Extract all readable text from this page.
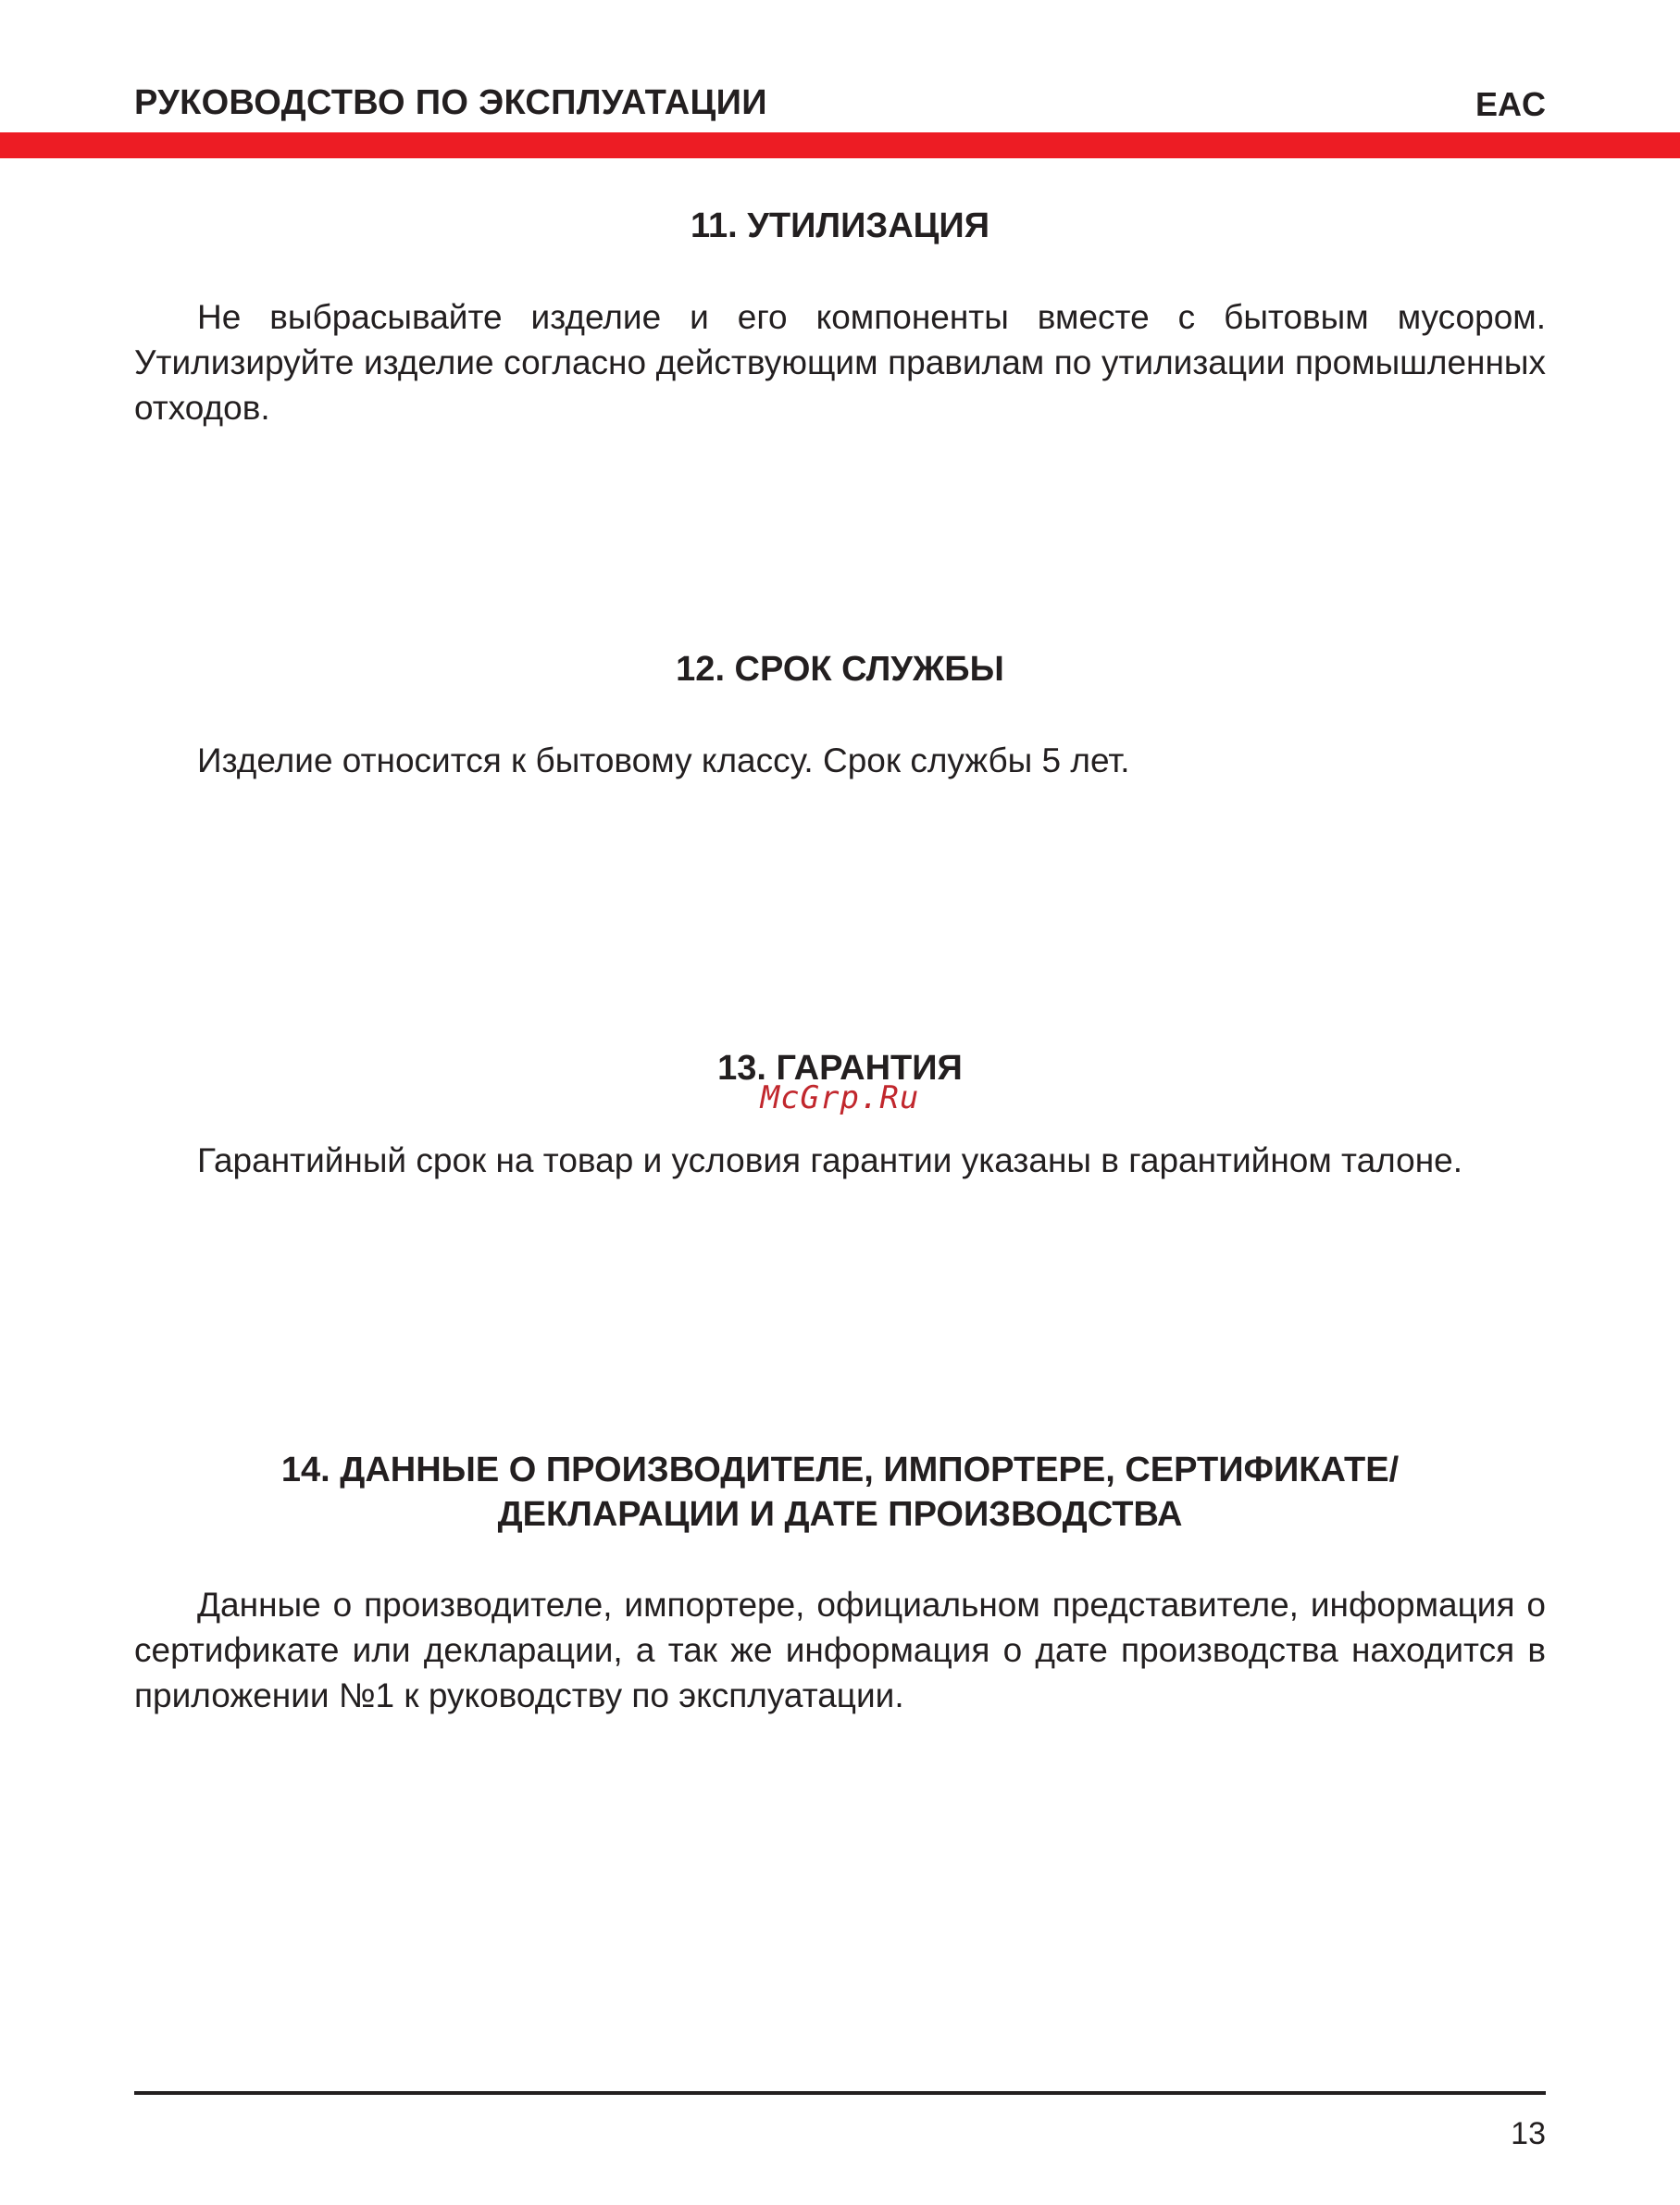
РУКОВОДСТВО ПО ЭКСПЛУАТАЦИИ	EAC
11. УТИЛИЗАЦИЯ
Не выбрасывайте изделие и его компоненты вместе с бытовым мусором. Утилизируйте изделие согласно действующим правилам по утилизации промышленных отходов.
12. СРОК СЛУЖБЫ
Изделие относится к бытовому классу. Срок службы 5 лет.
13. ГАРАНТИЯ
McGrp.Ru
Гарантийный срок на товар и условия гарантии указаны в гарантийном талоне.
14. ДАННЫЕ О ПРОИЗВОДИТЕЛЕ, ИМПОРТЕРЕ, СЕРТИФИКАТЕ/
ДЕКЛАРАЦИИ И ДАТЕ ПРОИЗВОДСТВА
Данные о производителе, импортере, официальном представителе, информация о сертификате или декларации, а так же информация о дате производства находится в приложении №1 к руководству по эксплуатации.
13
